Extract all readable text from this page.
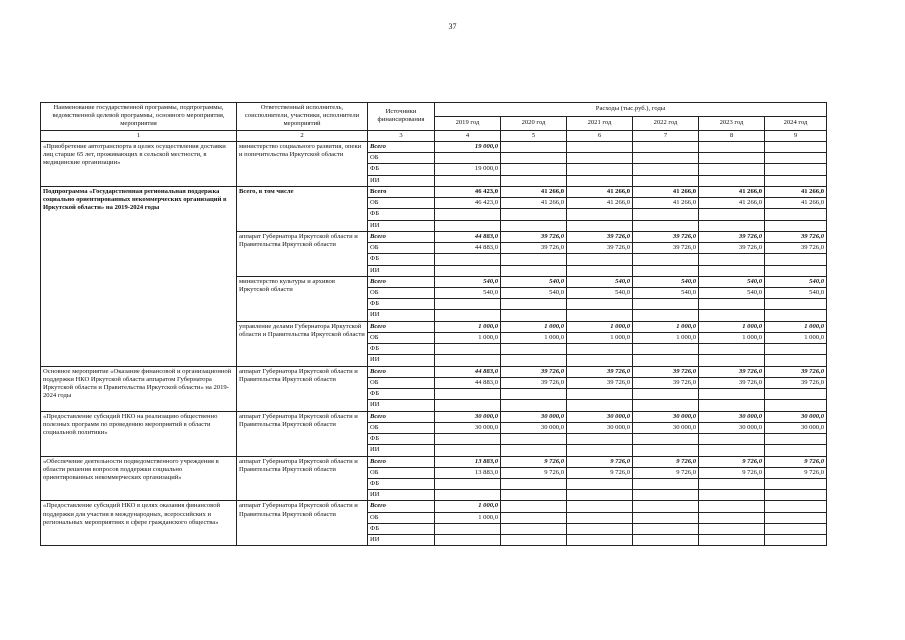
37
Наименование государственной программы, подпрограммы, ведомственной целевой программы, основного мероприятия, мероприятия	Ответственный исполнитель, соисполнители, участники, исполнители мероприятий	Источники финансирования	Расходы (тыс.руб.), годы					
			2019 год	2020 год	2021 год	2022 год	2023 год	2024 год
1	2	3	4	5	6	7	8	9
«Приобретение автотранспорта в целях осуществления доставки лиц старше 65 лет, проживающих в сельской местности, в медицинские организации»	министерство социального развития, опеки и попечительства Иркутской области	Всего	19 000,0					
		ОБ						
		ФБ	19 000,0					
		ИИ						
Подпрограмма «Государственная региональная поддержка социально ориентированных некоммерческих организаций в Иркутской области» на 2019-2024 годы	Всего, в том числе	Всего	46 423,0	41 266,0	41 266,0	41 266,0	41 266,0	41 266,0
		ОБ	46 423,0	41 266,0	41 266,0	41 266,0	41 266,0	41 266,0
		ФБ						
		ИИ						
	аппарат Губернатора Иркутской области и Правительства Иркутской области	Всего	44 883,0	39 726,0	39 726,0	39 726,0	39 726,0	39 726,0
		ОБ	44 883,0	39 726,0	39 726,0	39 726,0	39 726,0	39 726,0
		ФБ						
		ИИ						
	министерство культуры и архивов Иркутской области	Всего	540,0	540,0	540,0	540,0	540,0	540,0
		ОБ	540,0	540,0	540,0	540,0	540,0	540,0
		ФБ						
		ИИ						
	управление делами Губернатора Иркутской области и Правительства Иркутской области	Всего	1 000,0	1 000,0	1 000,0	1 000,0	1 000,0	1 000,0
		ОБ	1 000,0	1 000,0	1 000,0	1 000,0	1 000,0	1 000,0
		ФБ						
		ИИ						
Основное мероприятие «Оказание финансовой и организационной поддержки НКО Иркутской области аппаратом Губернатора Иркутской области и Правительства Иркутской области» на 2019-2024 годы	аппарат Губернатора Иркутской области и Правительства Иркутской области	Всего	44 883,0	39 726,0	39 726,0	39 726,0	39 726,0	39 726,0
		ОБ	44 883,0	39 726,0	39 726,0	39 726,0	39 726,0	39 726,0
		ФБ						
		ИИ						
«Предоставление субсидий НКО на реализацию общественно полезных программ по проведению мероприятий в области социальной политики»	аппарат Губернатора Иркутской области и Правительства Иркутской области	Всего	30 000,0	30 000,0	30 000,0	30 000,0	30 000,0	30 000,0
		ОБ	30 000,0	30 000,0	30 000,0	30 000,0	30 000,0	30 000,0
		ФБ						
		ИИ						
«Обеспечение деятельности подведомственного учреждения в области решения вопросов поддержки социально ориентированных некоммерческих организаций»	аппарат Губернатора Иркутской области и Правительства Иркутской области	Всего	13 883,0	9 726,0	9 726,0	9 726,0	9 726,0	9 726,0
		ОБ	13 883,0	9 726,0	9 726,0	9 726,0	9 726,0	9 726,0
		ФБ						
		ИИ						
«Предоставление субсидий НКО в целях оказания финансовой поддержки для участия в международных, всероссийских и региональных мероприятиях в сфере гражданского общества»	аппарат Губернатора Иркутской области и Правительства Иркутской области	Всего	1 000,0					
		ОБ	1 000,0					
		ФБ						
		ИИ						
